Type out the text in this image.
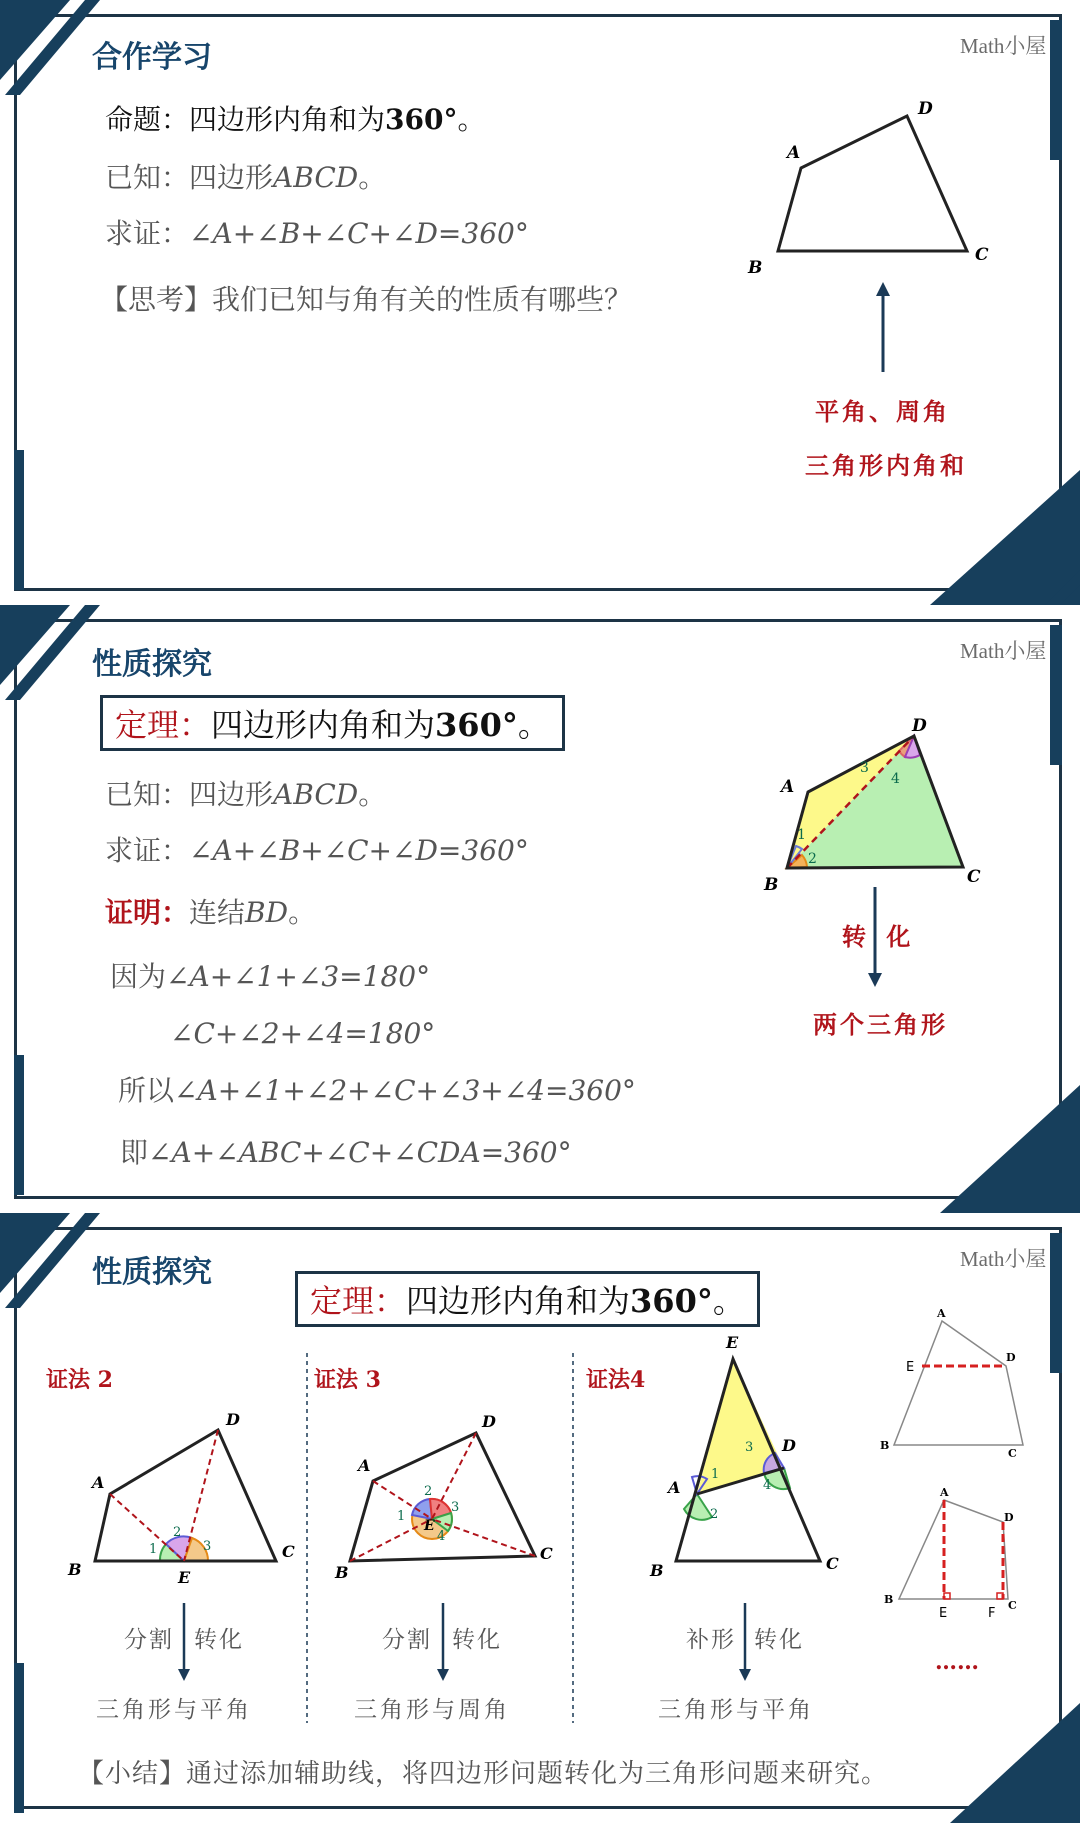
合作学习	Math小屋
命题：四边形内角和为360°。
已知：四边形ABCD。
求证：∠A+∠B+∠C+∠D=360°
【思考】我们已知与角有关的性质有哪些？
A
B
C
D
平角、周角
三角形内角和
性质探究	Math小屋
定理：四边形内角和为360°。
已知：四边形ABCD。
求证：∠A+∠B+∠C+∠D=360°
证明：连结BD。
因为∠A+∠1+∠3=180°
∠C+∠2+∠4=180°
所以∠A+∠1+∠2+∠C+∠3+∠4=360°
即∠A+∠ABC+∠C+∠CDA=360°
A
B	C
D
1
2
3
4
转 化
两个三角形
性质探究	Math小屋
定理：四边形内角和为360°。
证法 2	证法 3	证法4
A
B
C
D
E
1
2
3
A
B
C
D
E
1
2
3
4
A
B	C
D
E
1
2
3
4
A
B
C
D
E
A
B	C
D
E	F
分割 转化
三角形与平角
分割 转化
三角形与周角
补形 转化
三角形与平角
……
【小结】通过添加辅助线，将四边形问题转化为三角形问题来研究。
